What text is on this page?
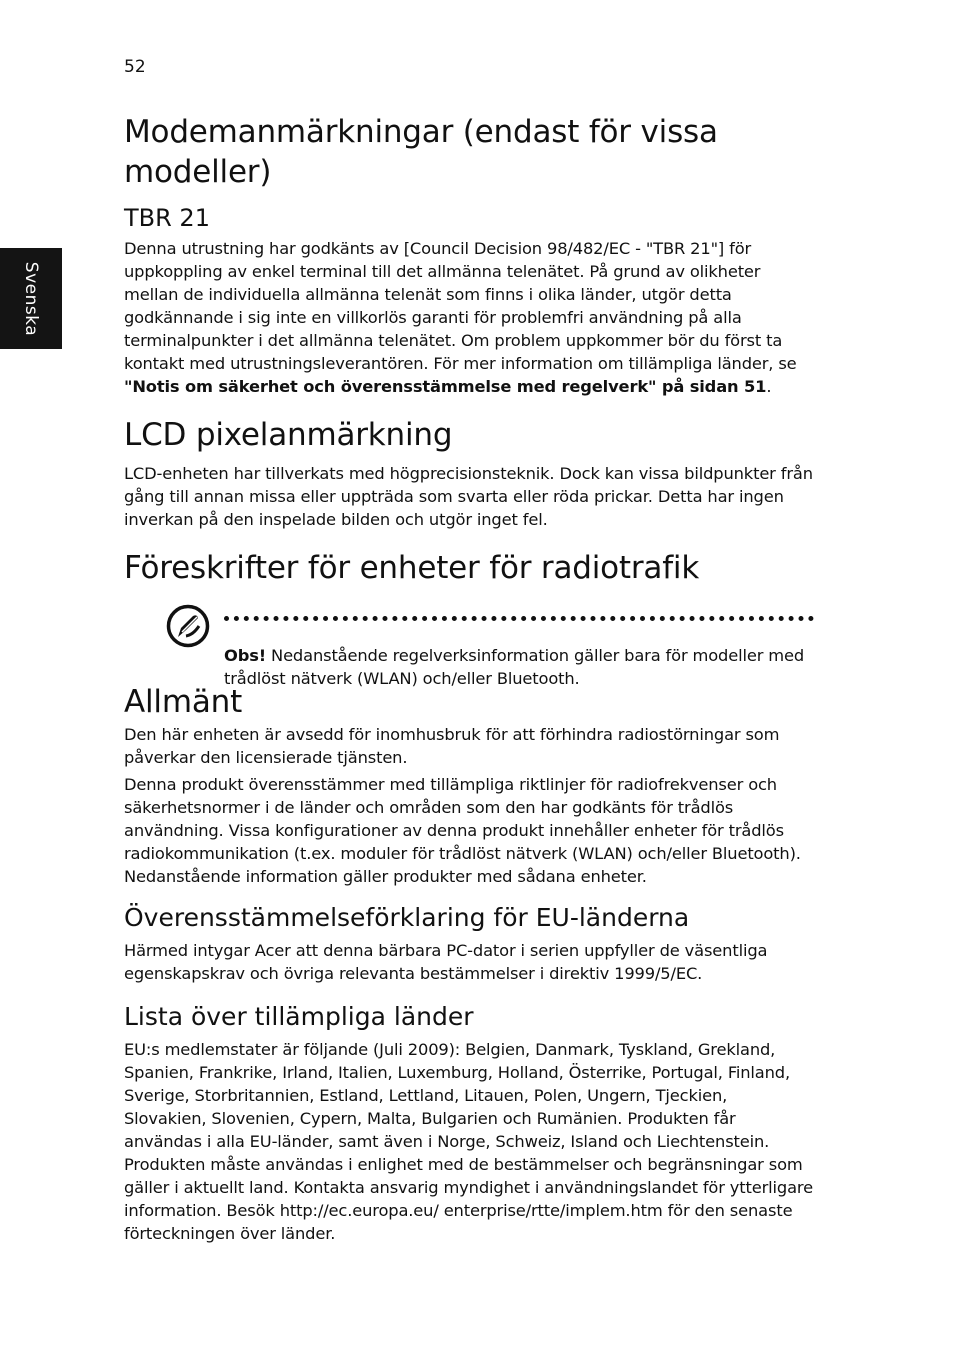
52
Svenska
Modemanmärkningar (endast för vissa modeller)
TBR 21

Denna utrustning har godkänts av [Council Decision 98/482/EC - "TBR 21"] för uppkoppling av enkel terminal till det allmänna telenätet. På grund av olikheter mellan de individuella allmänna telenät som finns i olika länder, utgör detta godkännande i sig inte en villkorlös garanti för problemfri användning på alla terminalpunkter i det allmänna telenätet. Om problem uppkommer bör du först ta kontakt med utrustningsleverantören. För mer information om tillämpliga länder, se "Notis om säkerhet och överensstämmelse med regelverk" på sidan 51.

LCD pixelanmärkning

LCD-enheten har tillverkats med högprecisionsteknik. Dock kan vissa bildpunkter från gång till annan missa eller uppträda som svarta eller röda prickar. Detta har ingen inverkan på den inspelade bilden och utgör inget fel.

Föreskrifter för enheter för radiotrafik

Obs! Nedanstående regelverksinformation gäller bara för modeller med trådlöst nätverk (WLAN) och/eller Bluetooth.

Allmänt

Den här enheten är avsedd för inomhusbruk för att förhindra radiostörningar som påverkar den licensierade tjänsten.

Denna produkt överensstämmer med tillämpliga riktlinjer för radiofrekvenser och säkerhetsnormer i de länder och områden som den har godkänts för trådlös användning. Vissa konfigurationer av denna produkt innehåller enheter för trådlös radiokommunikation (t.ex. moduler för trådlöst nätverk (WLAN) och/eller Bluetooth). Nedanstående information gäller produkter med sådana enheter.

Överensstämmelseförklaring för EU-länderna

Härmed intygar Acer att denna bärbara PC-dator i serien uppfyller de väsentliga egenskapskrav och övriga relevanta bestämmelser i direktiv 1999/5/EC.

Lista över tillämpliga länder

EU:s medlemstater är följande (Juli 2009): Belgien, Danmark, Tyskland, Grekland, Spanien, Frankrike, Irland, Italien, Luxemburg, Holland, Österrike, Portugal, Finland, Sverige, Storbritannien, Estland, Lettland, Litauen, Polen, Ungern, Tjeckien, Slovakien, Slovenien, Cypern, Malta, Bulgarien och Rumänien. Produkten får användas i alla EU-länder, samt även i Norge, Schweiz, Island och Liechtenstein. Produkten måste användas i enlighet med de bestämmelser och begränsningar som gäller i aktuellt land. Kontakta ansvarig myndighet i användningslandet för ytterligare information. Besök http://ec.europa.eu/ enterprise/rtte/implem.htm för den senaste förteckningen över länder.
